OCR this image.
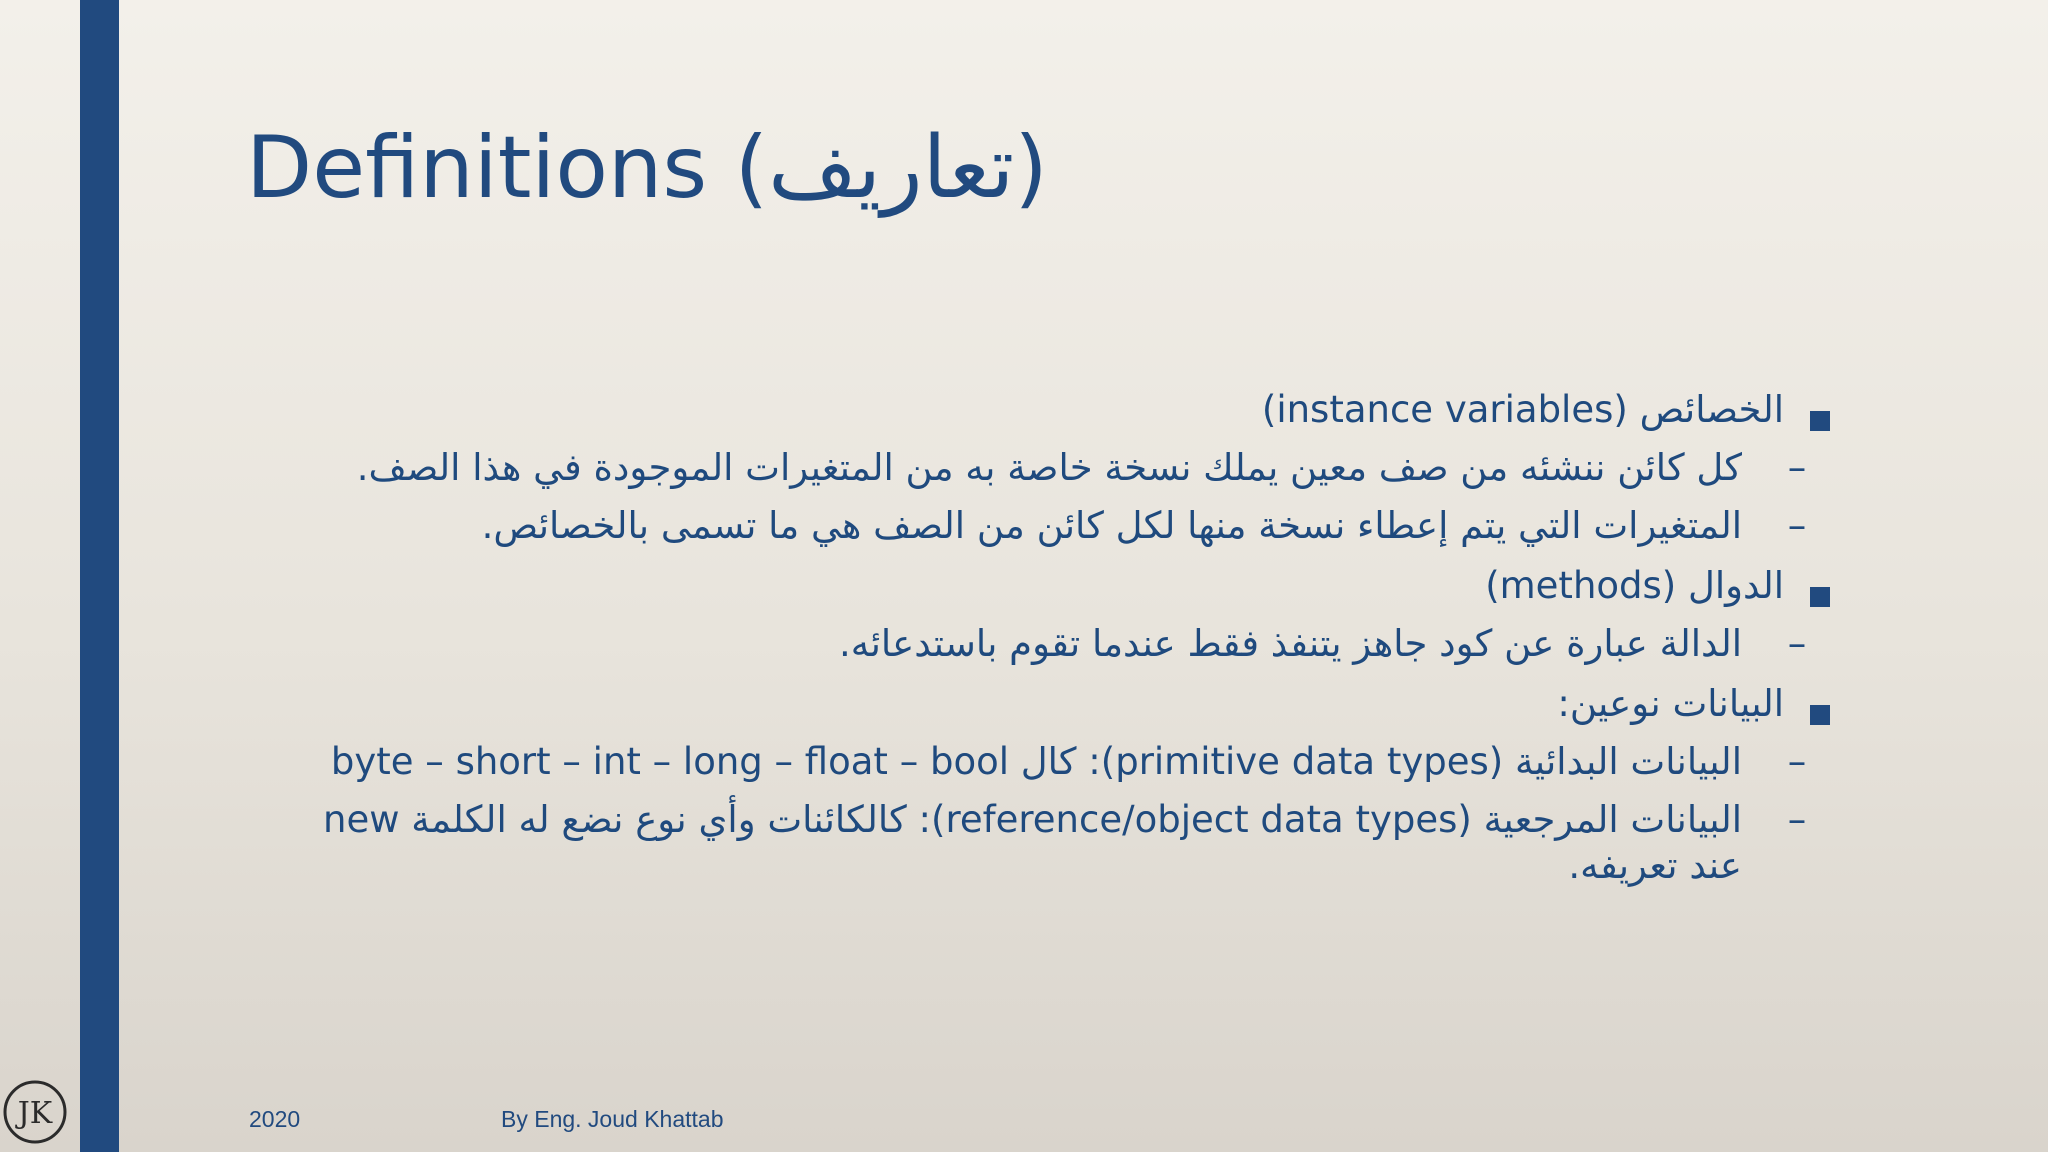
Definitions (تعاريف)
الخصائص (instance variables)
–
كل كائن ننشئه من صف معين يملك نسخة خاصة به من المتغيرات الموجودة في هذا الصف.
–
المتغيرات التي يتم إعطاء نسخة منها لكل كائن من الصف هي ما تسمى بالخصائص.
الدوال (methods)
–
الدالة عبارة عن كود جاهز يتنفذ فقط عندما تقوم باستدعائه.
البيانات نوعين:
–
البيانات البدائية (primitive data types): كال byte – short – int – long – float – bool
–
البيانات المرجعية (reference/object data types): كالكائنات وأي نوع نضع له الكلمة new عند تعريفه.
2020	By Eng. Joud Khattab
JK
